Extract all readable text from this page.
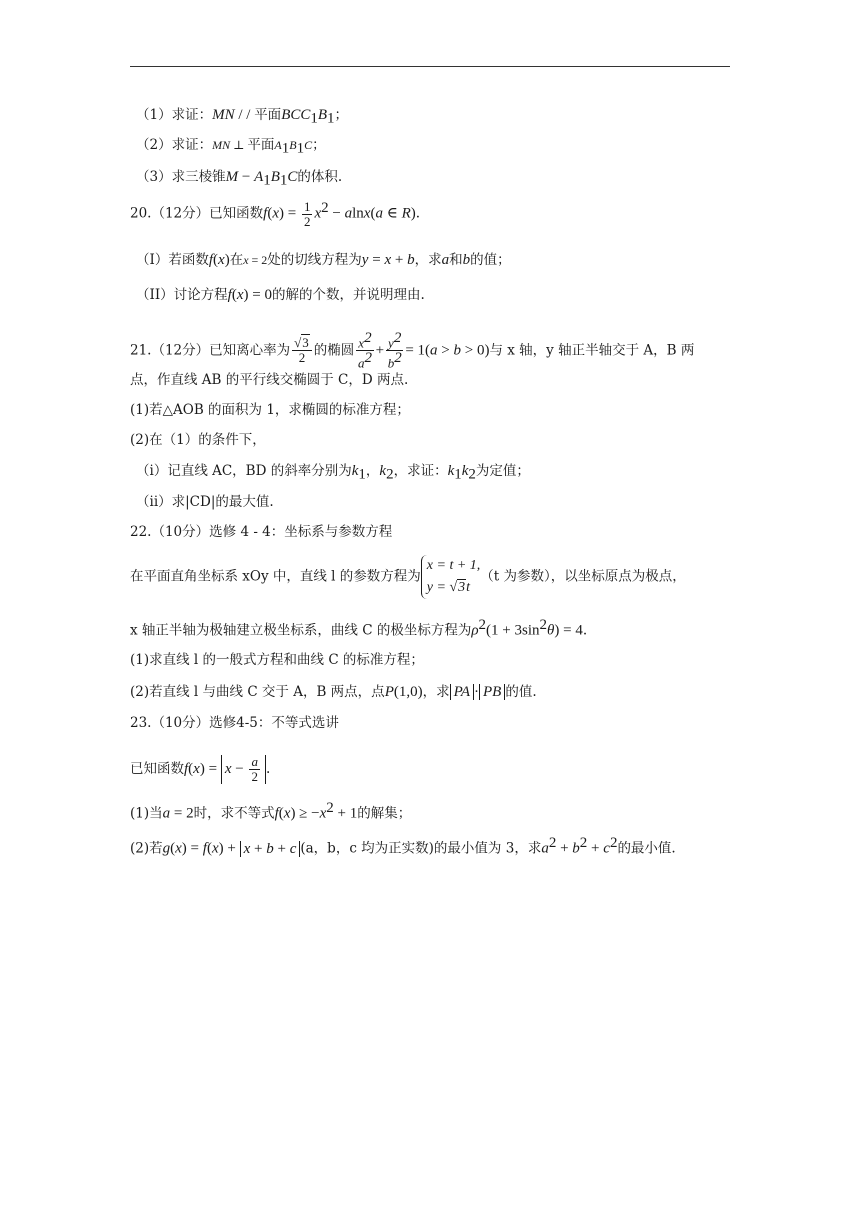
（1）求证：MN / / 平面$BCC_1B_1$；
（2）求证：MN ⊥ 平面$A_1B_1C$；
（3）求三棱锥$M - A_1B_1C$的体积.
20.（12分）已知函数$f(x) = \frac{1}{2} x^2 - alnx(a$ ∈ R).
（I）若函数f(x)在x = 2处的切线方程为y = x + b，求a和b的值；
（II）讨论方程f(x) = 0的解的个数，并说明理由.
21.（12分）已知离心率为 $\frac{√3}{2}$ 的椭圆 $\frac{x^2}{a^2} + \frac{y^2}{b^2} = 1(a > b > 0)$与 x 轴，y 轴正半轴交于 A，B 两
点，作直线 AB 的平行线交椭圆于 C，D 两点.
(1)若△AOB 的面积为 1，求椭圆的标准方程；
(2)在（1）的条件下，
（i）记直线 AC，BD 的斜率分别为$k_1$，$k_2$，求证：$k_1k_2$为定值；
（ii）求|CD|的最大值.
22.（10分）选修 4 - 4：坐标系与参数方程
在平面直角坐标系 xOy 中，直线 l 的参数方程为
x = t + 1,
y = √3t
（t 为参数），以坐标原点为极点，
x 轴正半轴为极轴建立极坐标系，曲线 C 的极坐标方程为$\rho^2(1 + 3\sin^2\theta) = 4$.
(1)求直线 l 的一般式方程和曲线 C 的标准方程；
(2)若直线 l 与曲线 C 交于 A，B 两点，点P(1,0)，求 PA · PB 的值.
23.（10分）选修4-5：不等式选讲
已知函数$f(x) = x - \frac{a}{2}$ .
(1)当a = 2时，求不等式$f(x) \ge -x^2 + 1$的解集；
(2)若g(x) = f(x) + x + b + c (a，b，c 均为正实数)的最小值为 3，求$a^2 + b^2 + c^2$的最小值.
